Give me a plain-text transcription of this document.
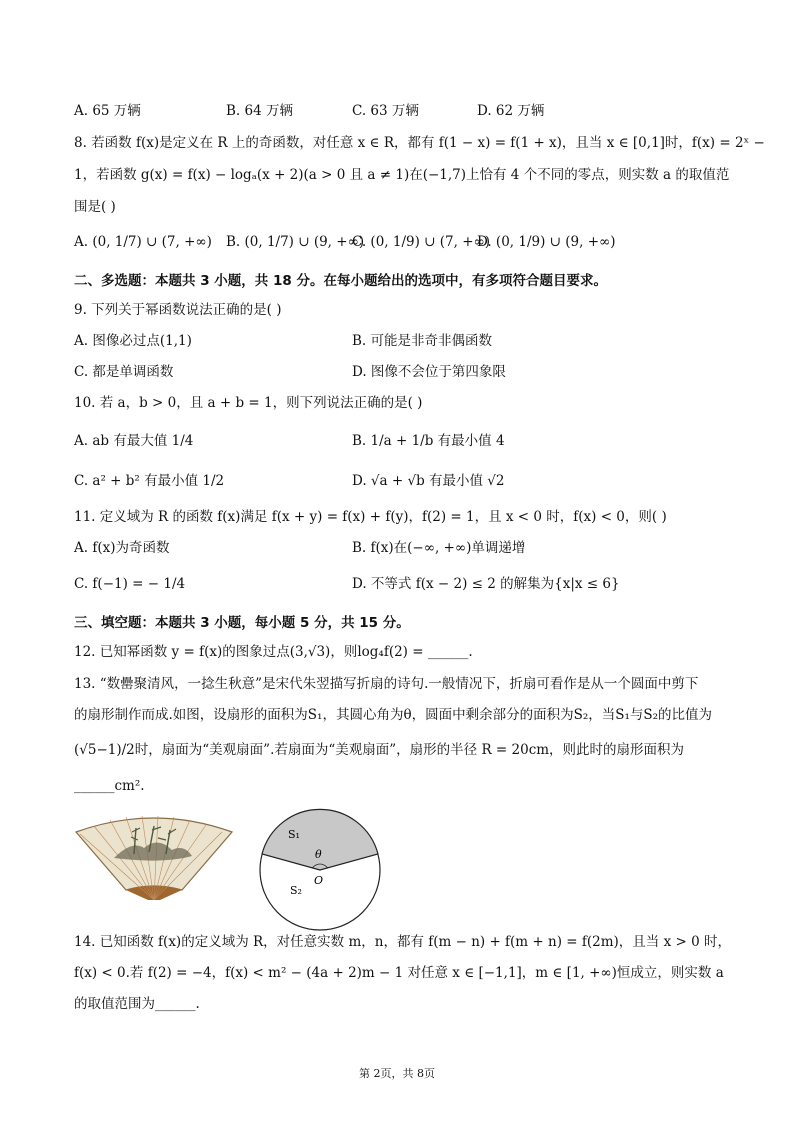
A. 65 万辆	B. 64 万辆	C. 63 万辆	D. 62 万辆
8. 若函数 f(x)是定义在 R 上的奇函数，对任意 x ∈ R，都有 f(1 − x) = f(1 + x)，且当 x ∈ [0,1]时，f(x) = 2ˣ −
1，若函数 g(x) = f(x) − logₐ(x + 2)(a > 0 且 a ≠ 1)在(−1,7)上恰有 4 个不同的零点，则实数 a 的取值范
围是( )
A. (0, 1/7) ∪ (7, +∞) B. (0, 1/7) ∪ (9, +∞)
C. (0, 1/9) ∪ (7, +∞)
D. (0, 1/9) ∪ (9, +∞)
二、多选题：本题共 3 小题，共 18 分。在每小题给出的选项中，有多项符合题目要求。
9. 下列关于幂函数说法正确的是( )
A. 图像必过点(1,1)	B. 可能是非奇非偶函数
C. 都是单调函数	D. 图像不会位于第四象限
10. 若 a，b > 0，且 a + b = 1，则下列说法正确的是( )
A. ab 有最大值 1/4	B. 1/a + 1/b 有最小值 4
C. a² + b² 有最小值 1/2	D. √a + √b 有最小值 √2
11. 定义域为 R 的函数 f(x)满足 f(x + y) = f(x) + f(y)，f(2) = 1，且 x < 0 时，f(x) < 0，则( )
A. f(x)为奇函数	B. f(x)在(−∞, +∞)单调递增
C. f(−1) = − 1/4	D. 不等式 f(x − 2) ≤ 2 的解集为{x|x ≤ 6}
三、填空题：本题共 3 小题，每小题 5 分，共 15 分。
12. 已知幂函数 y = f(x)的图象过点(3,√3)，则log₄f(2) = ______.
13. “数罍聚清风，一捻生秋意”是宋代朱翌描写折扇的诗句.一般情况下，折扇可看作是从一个圆面中剪下
的扇形制作而成.如图，设扇形的面积为S₁，其圆心角为θ，圆面中剩余部分的面积为S₂，当S₁与S₂的比值为
(√5−1)/2时，扇面为“美观扇面”.若扇面为“美观扇面”，扇形的半径 R = 20cm，则此时的扇形面积为
______cm².
S₁
θ
O
S₂
14. 已知函数 f(x)的定义域为 R，对任意实数 m，n，都有 f(m − n) + f(m + n) = f(2m)，且当 x > 0 时，
f(x) < 0.若 f(2) = −4，f(x) < m² − (4a + 2)m − 1 对任意 x ∈ [−1,1]，m ∈ [1, +∞)恒成立，则实数 a
的取值范围为______.
第 2页，共 8页
